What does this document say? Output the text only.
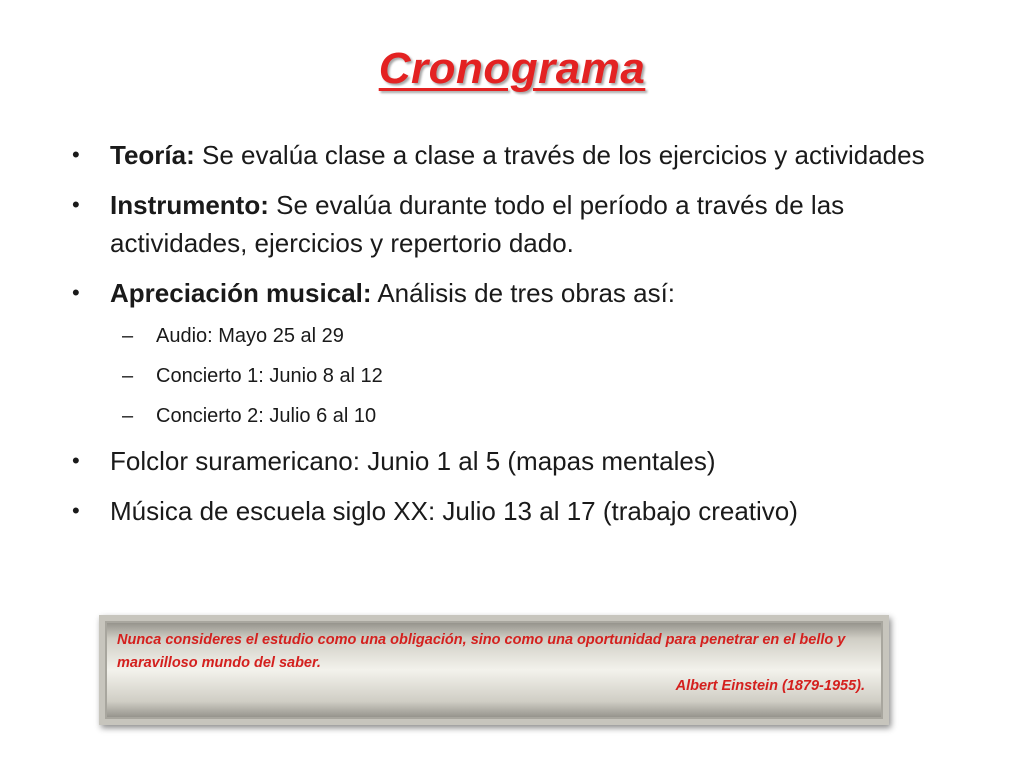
Cronograma
• Teoría: Se evalúa clase a clase a través de los ejercicios y actividades
• Instrumento: Se evalúa durante todo el período a través de las actividades, ejercicios y repertorio dado.
• Apreciación musical: Análisis de tres obras así:
– Audio: Mayo 25 al 29
– Concierto 1: Junio 8 al 12
– Concierto 2: Julio 6 al 10
• Folclor suramericano: Junio 1 al 5 (mapas mentales)
• Música de escuela siglo XX: Julio 13 al 17 (trabajo creativo)
Nunca consideres el estudio como una obligación, sino como una oportunidad para penetrar en el bello y maravilloso mundo del saber.
Albert Einstein (1879-1955).
